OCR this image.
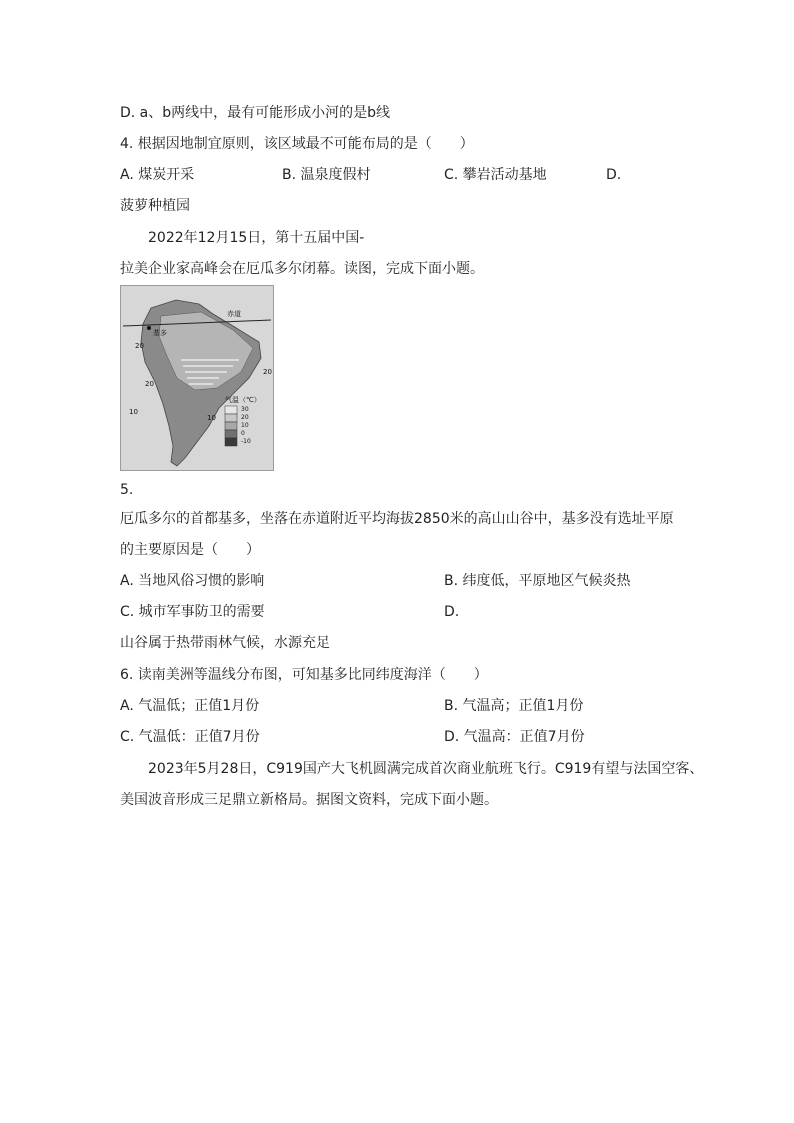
D. a、b两线中，最有可能形成小河的是b线
4. 根据因地制宜原则，该区域最不可能布局的是（　　）
A. 煤炭开采	B. 温泉度假村	C. 攀岩活动基地	D.
菠萝种植园
2022年12月15日，第十五届中国-
拉美企业家高峰会在厄瓜多尔闭幕。读图，完成下面小题。
赤道
基多
20
20
10
10
20
气温（℃）
30
20
10
0
-10
5.
厄瓜多尔的首都基多，坐落在赤道附近平均海拔2850米的高山山谷中，基多没有选址平原
的主要原因是（　　）
A. 当地风俗习惯的影响	B. 纬度低，平原地区气候炎热
C. 城市军事防卫的需要	D.
山谷属于热带雨林气候，水源充足
6. 读南美洲等温线分布图，可知基多比同纬度海洋（　　）
A. 气温低；正值1月份	B. 气温高；正值1月份
C. 气温低：正值7月份	D. 气温高：正值7月份
2023年5月28日，C919国产大飞机圆满完成首次商业航班飞行。C919有望与法国空客、
美国波音形成三足鼎立新格局。据图文资料，完成下面小题。
